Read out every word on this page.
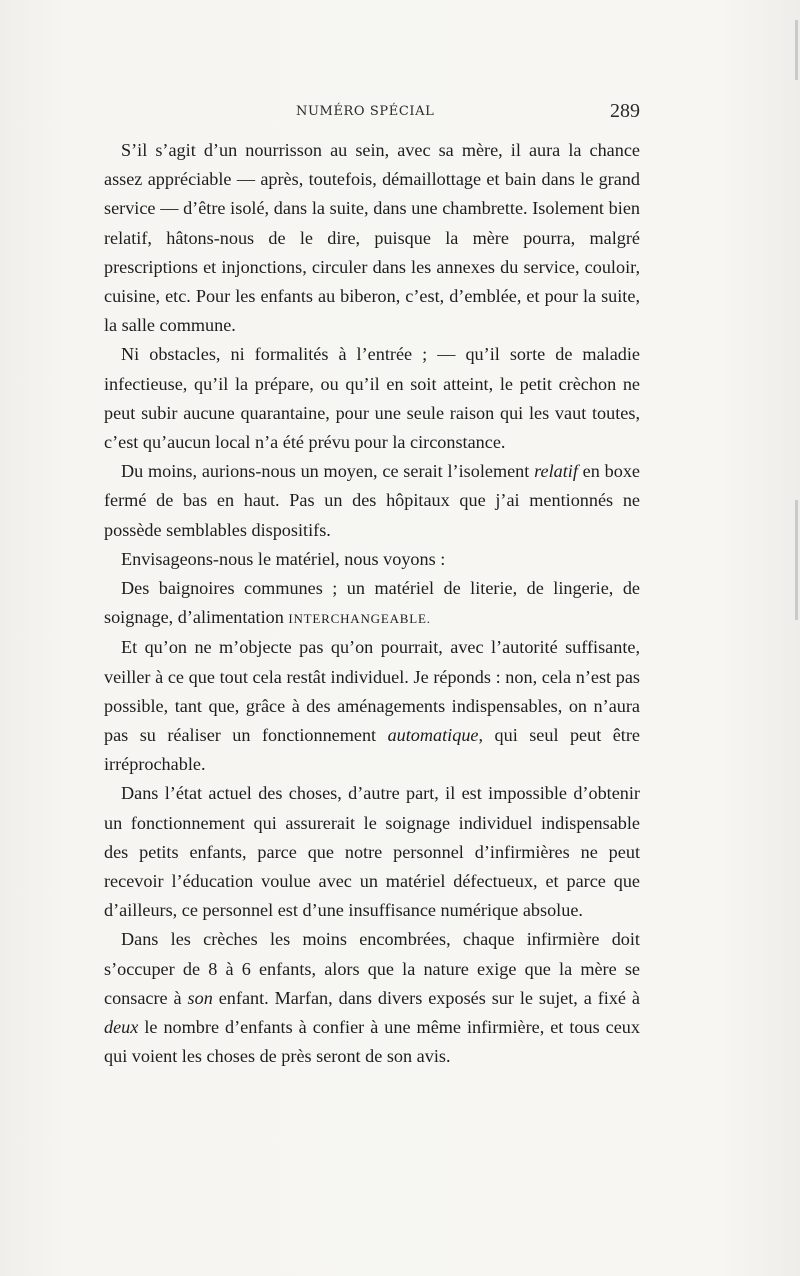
NUMÉRO SPÉCIAL	289

S’il s’agit d’un nourrisson au sein, avec sa mère, il aura la chance assez appréciable — après, toutefois, démaillottage et bain dans le grand service — d’être isolé, dans la suite, dans une chambrette. Isolement bien relatif, hâtons-nous de le dire, puisque la mère pourra, malgré prescriptions et injonctions, circuler dans les annexes du service, couloir, cuisine, etc. Pour les enfants au biberon, c’est, d’emblée, et pour la suite, la salle commune.

Ni obstacles, ni formalités à l’entrée ; — qu’il sorte de maladie infectieuse, qu’il la prépare, ou qu’il en soit atteint, le petit crèchon ne peut subir aucune quarantaine, pour une seule raison qui les vaut toutes, c’est qu’aucun local n’a été prévu pour la circonstance.

Du moins, aurions-nous un moyen, ce serait l’isolement relatif en boxe fermé de bas en haut. Pas un des hôpitaux que j’ai mentionnés ne possède semblables dispositifs.

Envisageons-nous le matériel, nous voyons :

Des baignoires communes ; un matériel de literie, de lingerie, de soignage, d’alimentation INTERCHANGEABLE.

Et qu’on ne m’objecte pas qu’on pourrait, avec l’autorité suffisante, veiller à ce que tout cela restât individuel. Je réponds : non, cela n’est pas possible, tant que, grâce à des aménagements indispensables, on n’aura pas su réaliser un fonctionnement automatique, qui seul peut être irréprochable.

Dans l’état actuel des choses, d’autre part, il est impossible d’obtenir un fonctionnement qui assurerait le soignage individuel indispensable des petits enfants, parce que notre personnel d’infirmières ne peut recevoir l’éducation voulue avec un matériel défectueux, et parce que d’ailleurs, ce personnel est d’une insuffisance numérique absolue.

Dans les crèches les moins encombrées, chaque infirmière doit s’occuper de 8 à 6 enfants, alors que la nature exige que la mère se consacre à son enfant. Marfan, dans divers exposés sur le sujet, a fixé à deux le nombre d’enfants à confier à une même infirmière, et tous ceux qui voient les choses de près seront de son avis.
